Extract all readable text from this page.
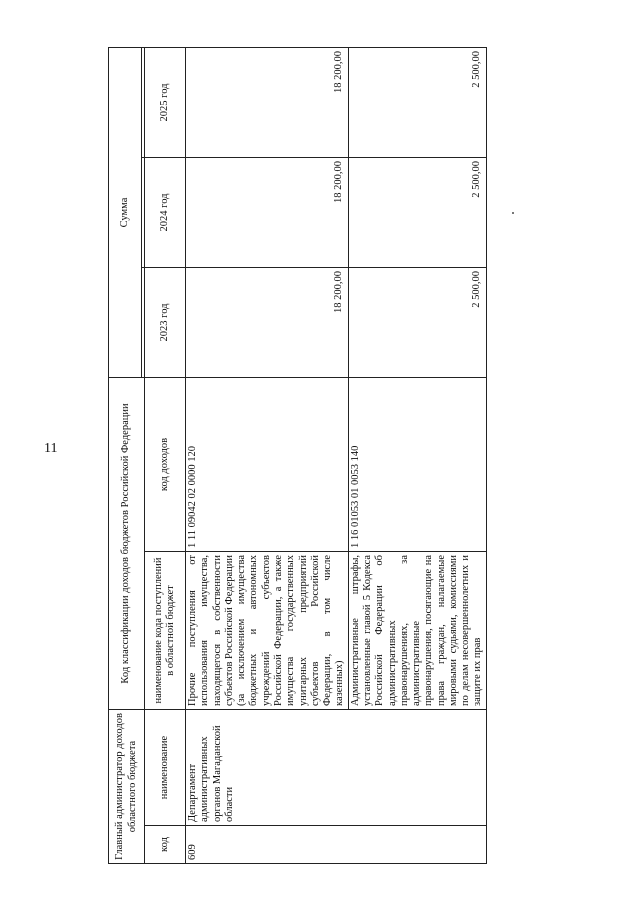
11
Главный администратор доходов областного бюджета		Код классификации доходов бюджетов Российской Федерации		Сумма		

код	наименование	наименование кода поступлений в областной бюджет	код доходов	2023 год	2024 год	2025 год
609	Департамент административных органов Магаданской области	Прочие поступления от использования имущества, находящегося в собственности субъектов Российской Федерации (за исключением имущества бюджетных и автономных учреждений субъектов Российской Федерации, а также имущества государственных унитарных предприятий субъектов Российской Федерации, в том числе казенных)	1 11 09042 02 0000 120	18 200,00	18 200,00	18 200,00
		Административные штрафы, установленные главой 5 Кодекса Российской Федерации об административных правонарушениях, за административные правонарушения, посягающие на права граждан, налагаемые мировыми судьями, комиссиями по делам несовершеннолетних и защите их прав	1 16 01053 01 0053 140	2 500,00	2 500,00	2 500,00
